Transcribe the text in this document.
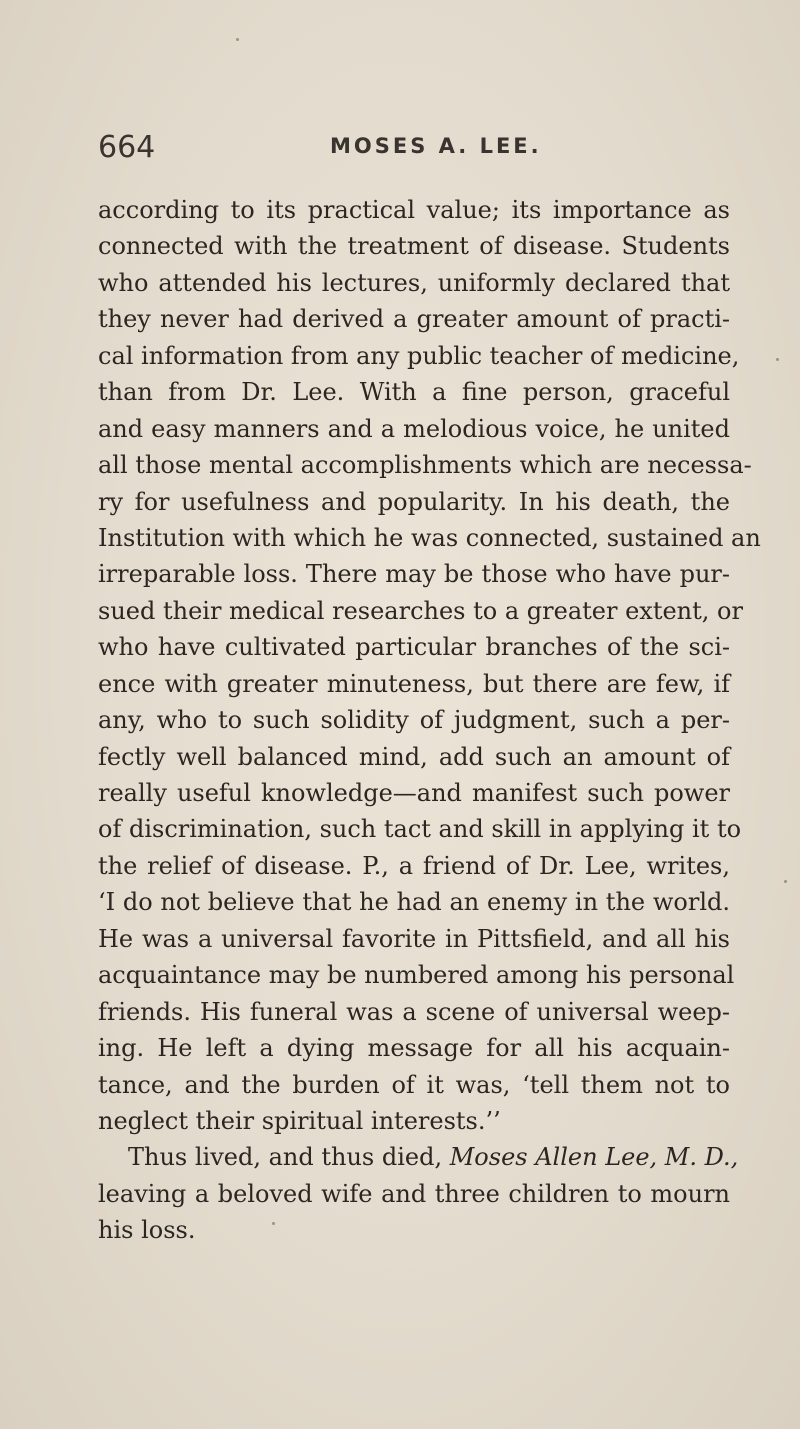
664	MOSES A. LEE.
according to its practical value; its importance as
connected with the treatment of disease. Students
who attended his lectures, uniformly declared that
they never had derived a greater amount of practi-
cal information from any public teacher of medicine,
than from Dr. Lee. With a fine person, graceful
and easy manners and a melodious voice, he united
all those mental accomplishments which are necessa-
ry for usefulness and popularity. In his death, the
Institution with which he was connected, sustained an
irreparable loss. There may be those who have pur-
sued their medical researches to a greater extent, or
who have cultivated particular branches of the sci-
ence with greater minuteness, but there are few, if
any, who to such solidity of judgment, such a per-
fectly well balanced mind, add such an amount of
really useful knowledge—and manifest such power
of discrimination, such tact and skill in applying it to
the relief of disease. P., a friend of Dr. Lee, writes,
‘I do not believe that he had an enemy in the world.
He was a universal favorite in Pittsfield, and all his
acquaintance may be numbered among his personal
friends. His funeral was a scene of universal weep-
ing. He left a dying message for all his acquain-
tance, and the burden of it was, ‘tell them not to
neglect their spiritual interests.’’
Thus lived, and thus died, Moses Allen Lee, M. D.,
leaving a beloved wife and three children to mourn
his loss.
